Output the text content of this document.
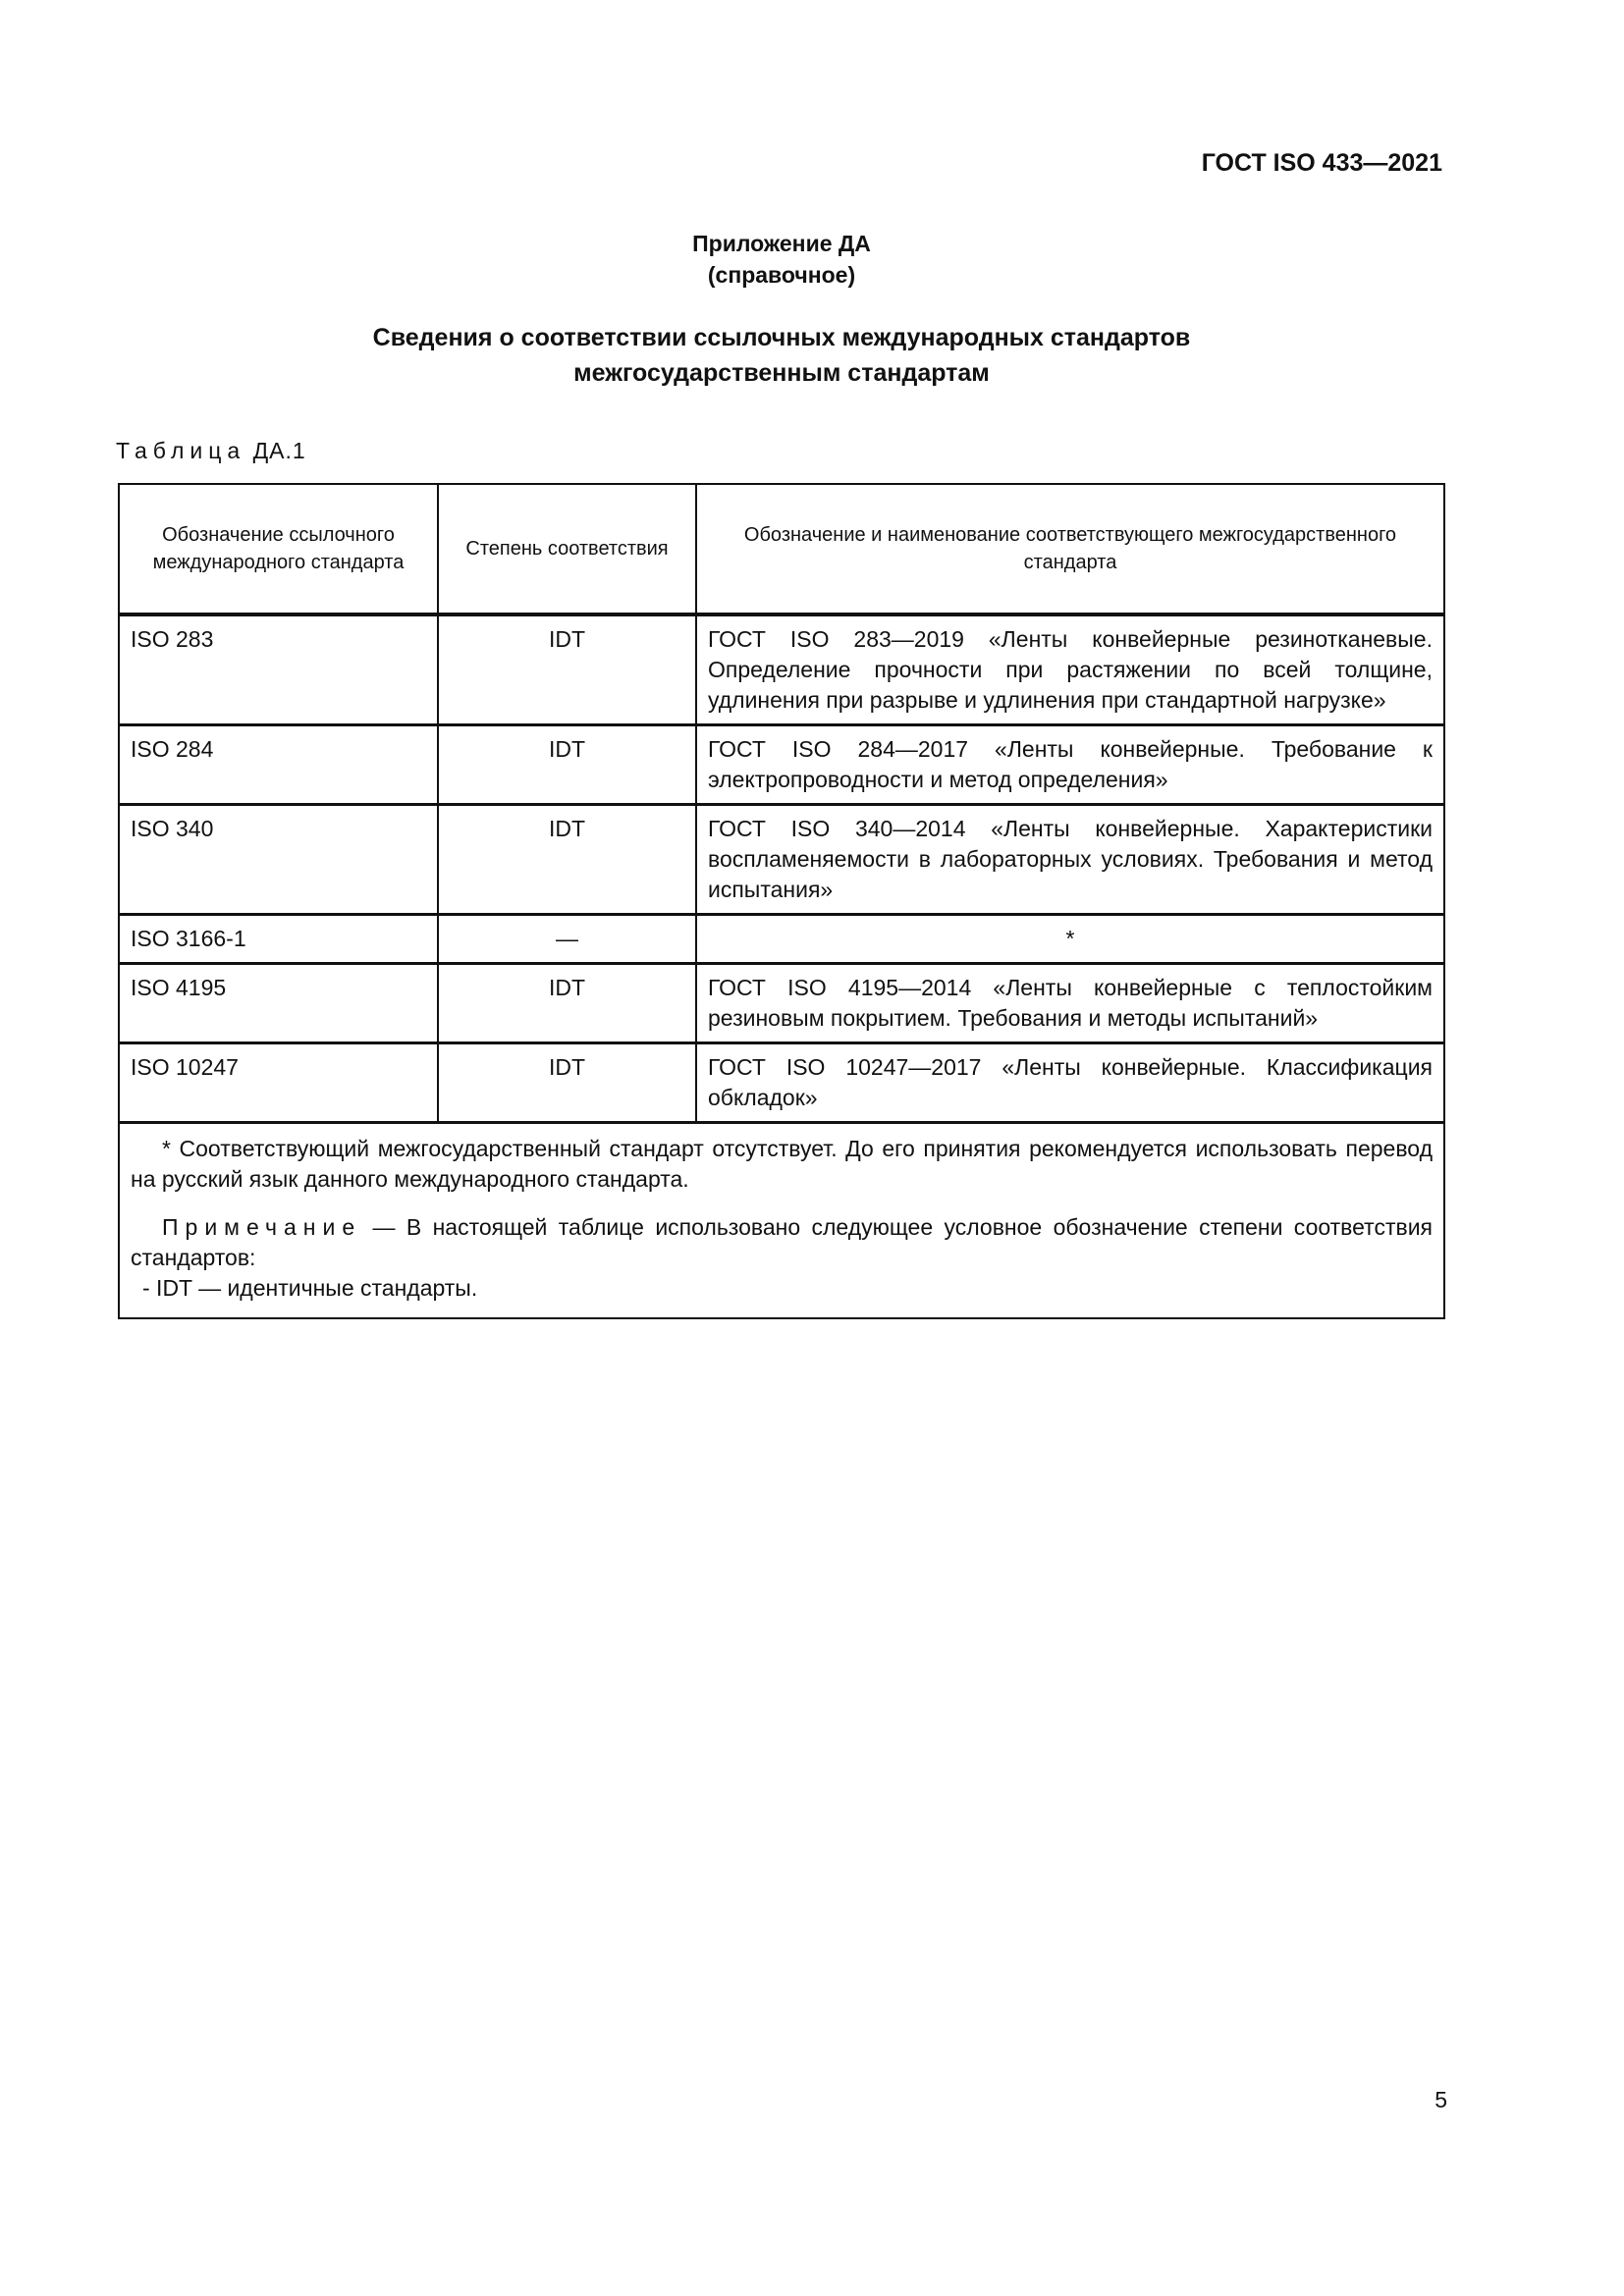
ГОСТ ISO 433—2021
Приложение ДА
(справочное)
Сведения о соответствии ссылочных международных стандартов
межгосударственным стандартам
Таблица ДА.1
Обозначение ссылочного международного стандарта	Степень соответствия	Обозначение и наименование соответствующего межгосударственного стандарта
ISO 283	IDT	ГОСТ ISO 283—2019 «Ленты конвейерные резинотканевые. Определение прочности при растяжении по всей толщине, удлинения при разрыве и удлинения при стандартной нагрузке»
ISO 284	IDT	ГОСТ ISO 284—2017 «Ленты конвейерные. Требование к электропроводности и метод определения»
ISO 340	IDT	ГОСТ ISO 340—2014 «Ленты конвейерные. Характеристики воспламеняемости в лабораторных условиях. Требования и метод испытания»
ISO 3166-1	—	*
ISO 4195	IDT	ГОСТ ISO 4195—2014 «Ленты конвейерные с теплостойким резиновым покрытием. Требования и методы испытаний»
ISO 10247	IDT	ГОСТ ISO 10247—2017 «Ленты конвейерные. Классификация обкладок»

* Соответствующий межгосударственный стандарт отсутствует. До его принятия рекомендуется использовать перевод на русский язык данного международного стандарта.

Примечание — В настоящей таблице использовано следующее условное обозначение степени соответствия стандартов:

- IDT — идентичные стандарты.		

5
